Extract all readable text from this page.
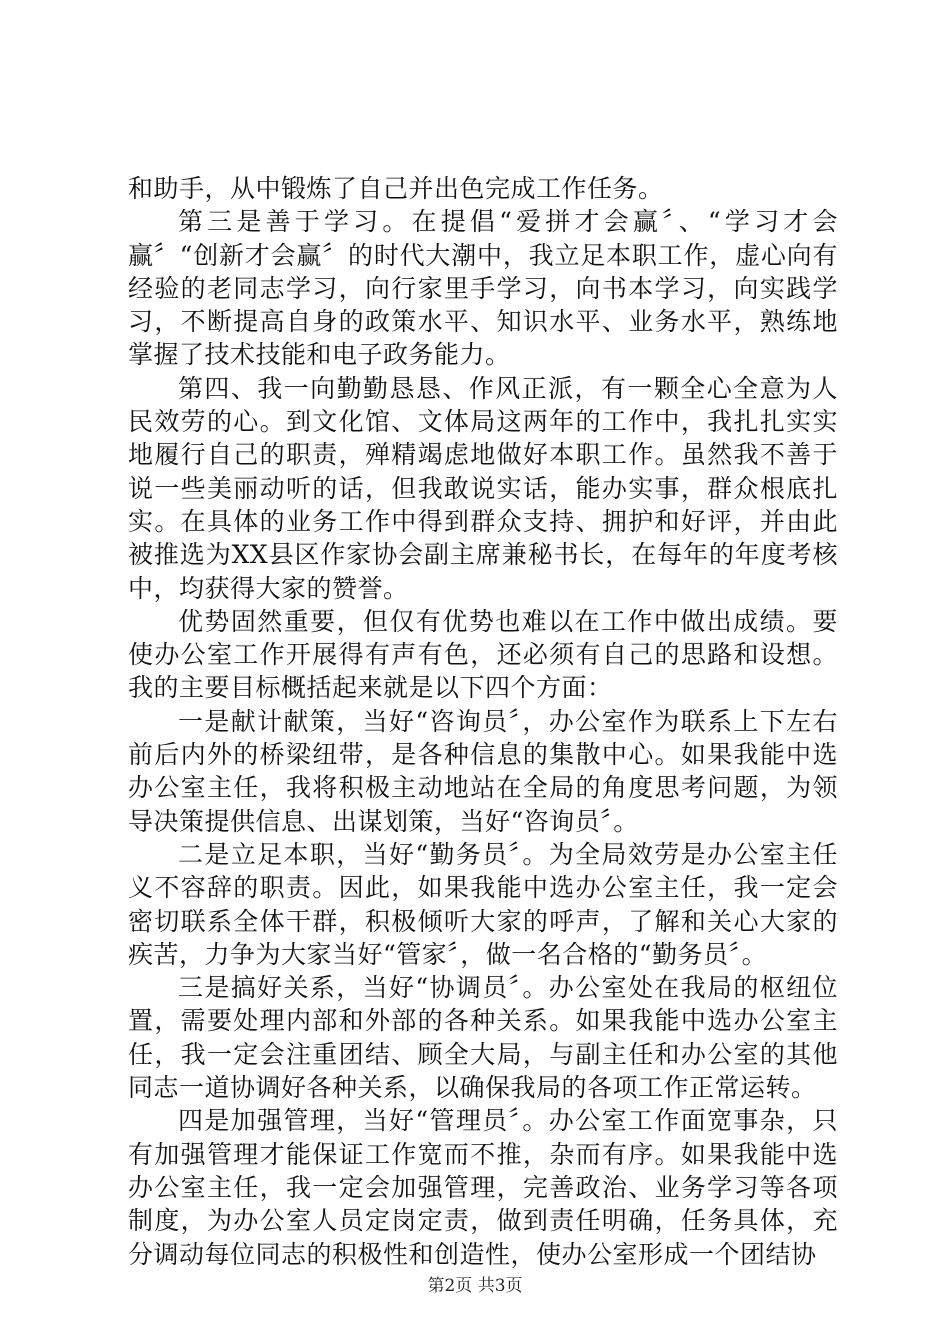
和助手，从中锻炼了自己并出色完成工作任务。

第三是善于学习。在提倡“爱拼才会赢〞、“学习才会赢〞“创新才会赢〞的时代大潮中，我立足本职工作，虚心向有经验的老同志学习，向行家里手学习，向书本学习，向实践学习，不断提高自身的政策水平、知识水平、业务水平，熟练地掌握了技术技能和电子政务能力。

第四、我一向勤勤恳恳、作风正派，有一颗全心全意为人民效劳的心。到文化馆、文体局这两年的工作中，我扎扎实实地履行自己的职责，殚精竭虑地做好本职工作。虽然我不善于说一些美丽动听的话，但我敢说实话，能办实事，群众根底扎实。在具体的业务工作中得到群众支持、拥护和好评，并由此被推选为XX县区作家协会副主席兼秘书长，在每年的年度考核中，均获得大家的赞誉。

优势固然重要，但仅有优势也难以在工作中做出成绩。要使办公室工作开展得有声有色，还必须有自己的思路和设想。我的主要目标概括起来就是以下四个方面：

一是献计献策，当好“咨询员〞，办公室作为联系上下左右前后内外的桥梁纽带，是各种信息的集散中心。如果我能中选办公室主任，我将积极主动地站在全局的角度思考问题，为领导决策提供信息、出谋划策，当好“咨询员〞。

二是立足本职，当好“勤务员〞。为全局效劳是办公室主任义不容辞的职责。因此，如果我能中选办公室主任，我一定会密切联系全体干群，积极倾听大家的呼声，了解和关心大家的疾苦，力争为大家当好“管家〞，做一名合格的“勤务员〞。

三是搞好关系，当好“协调员〞。办公室处在我局的枢纽位置，需要处理内部和外部的各种关系。如果我能中选办公室主任，我一定会注重团结、顾全大局，与副主任和办公室的其他同志一道协调好各种关系，以确保我局的各项工作正常运转。

四是加强管理，当好“管理员〞。办公室工作面宽事杂，只有加强管理才能保证工作宽而不推，杂而有序。如果我能中选办公室主任，我一定会加强管理，完善政治、业务学习等各项制度，为办公室人员定岗定责，做到责任明确，任务具体，充分调动每位同志的积极性和创造性，使办公室形成一个团结协

第2页 共3页
